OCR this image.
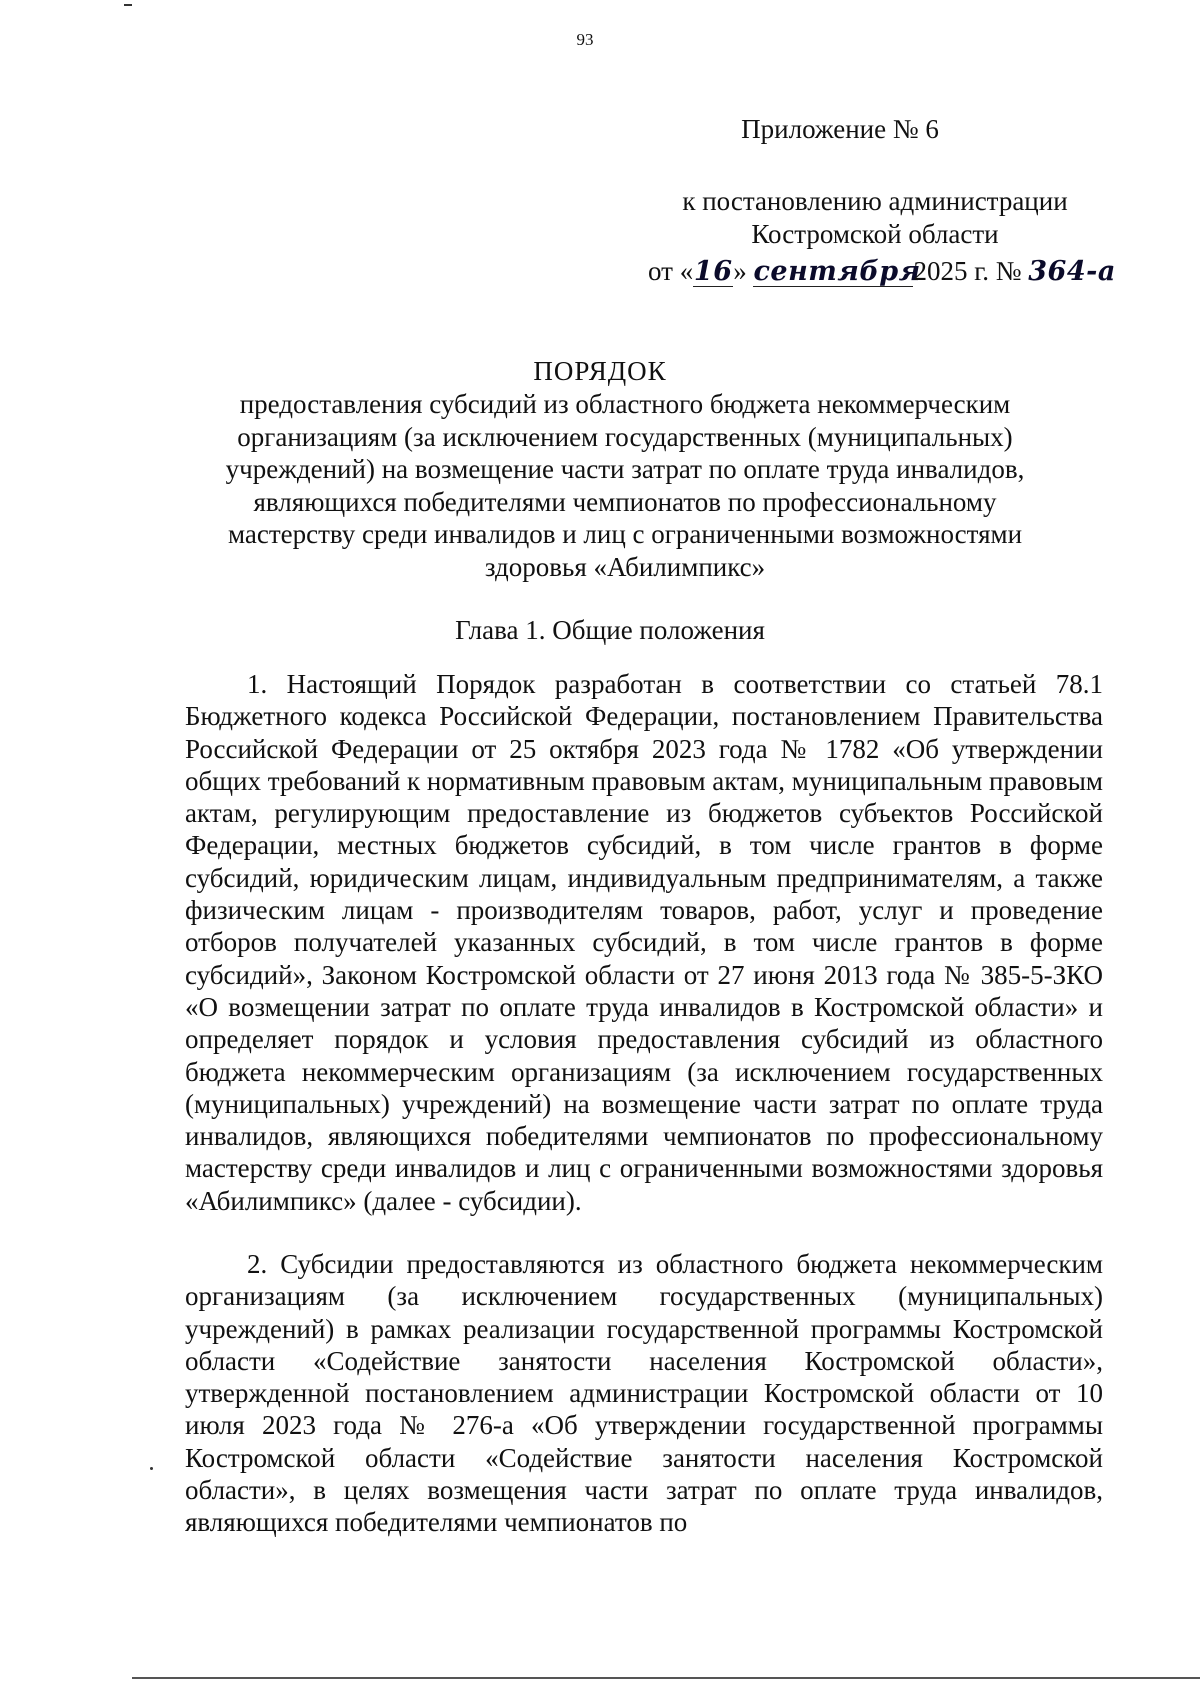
93
Приложение № 6
к постановлению администрации
Костромской области
от «16» сентября2025 г. № 364-а
ПОРЯДОК
предоставления субсидий из областного бюджета некоммерческим организациям (за исключением государственных (муниципальных) учреждений) на возмещение части затрат по оплате труда инвалидов, являющихся победителями чемпионатов по профессиональному мастерству среди инвалидов и лиц с ограниченными возможностями здоровья «Абилимпикс»
Глава 1. Общие положения
1. Настоящий Порядок разработан в соответствии со статьей 78.1 Бюджетного кодекса Российской Федерации, постановлением Правительства Российской Федерации от 25 октября 2023 года № 1782 «Об утверждении общих требований к нормативным правовым актам, муниципальным правовым актам, регулирующим предоставление из бюджетов субъектов Российской Федерации, местных бюджетов субсидий, в том числе грантов в форме субсидий, юридическим лицам, индивидуальным предпринимателям, а также физическим лицам - производителям товаров, работ, услуг и проведение отборов получателей указанных субсидий, в том числе грантов в форме субсидий», Законом Костромской области от 27 июня 2013 года № 385-5-ЗКО «О возмещении затрат по оплате труда инвалидов в Костромской области» и определяет порядок и условия предоставления субсидий из областного бюджета некоммерческим организациям (за исключением государственных (муниципальных) учреждений) на возмещение части затрат по оплате труда инвалидов, являющихся победителями чемпионатов по профессиональному мастерству среди инвалидов и лиц с ограниченными возможностями здоровья «Абилимпикс» (далее - субсидии).
2. Субсидии предоставляются из областного бюджета некоммерческим организациям (за исключением государственных (муниципальных) учреждений) в рамках реализации государственной программы Костромской области «Содействие занятости населения Костромской области», утвержденной постановлением администрации Костромской области от 10 июля 2023 года № 276-а «Об утверждении государственной программы Костромской области «Содействие занятости населения Костромской области», в целях возмещения части затрат по оплате труда инвалидов, являющихся победителями чемпионатов по
